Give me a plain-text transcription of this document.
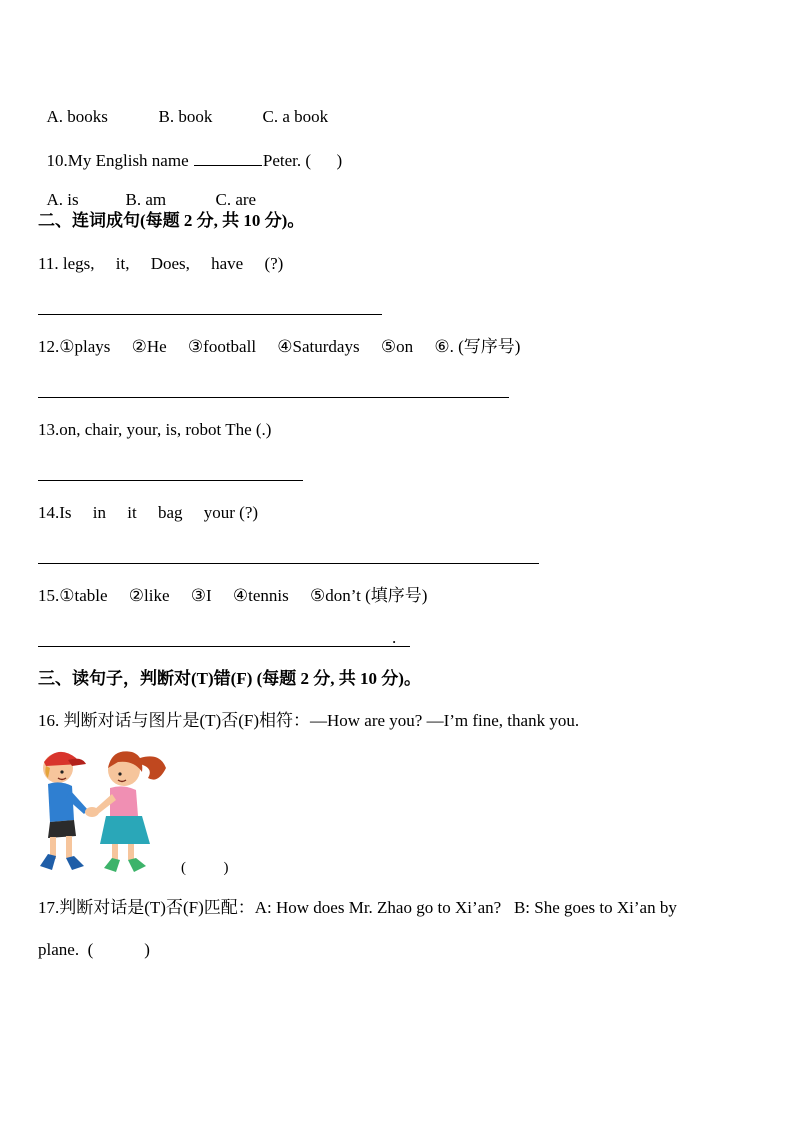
A. books	B. book	C. a book

10.My English name	Peter. (      )

A. is	B. am	C. are

二、连词成句(每题 2 分, 共 10 分)。
11. legs,     it,     Does,     have     (?)
12.①plays     ②He     ③football     ④Saturdays     ⑤on     ⑥. (写序号)
13.on, chair, your, is, robot The (.)
14.Is     in     it     bag     your (?)
15.①table     ②like     ③I     ④tennis     ⑤don’t (填序号)
.
三、读句子，判断对(T)错(F) (每题 2 分, 共 10 分)。
16. 判断对话与图片是(T)否(F)相符：—How are you? —I’m fine, thank you.
(          )
17.判断对话是(T)否(F)匹配：A: How does Mr. Zhao go to Xi’an?   B: She goes to Xi’an by
plane.  (            )
